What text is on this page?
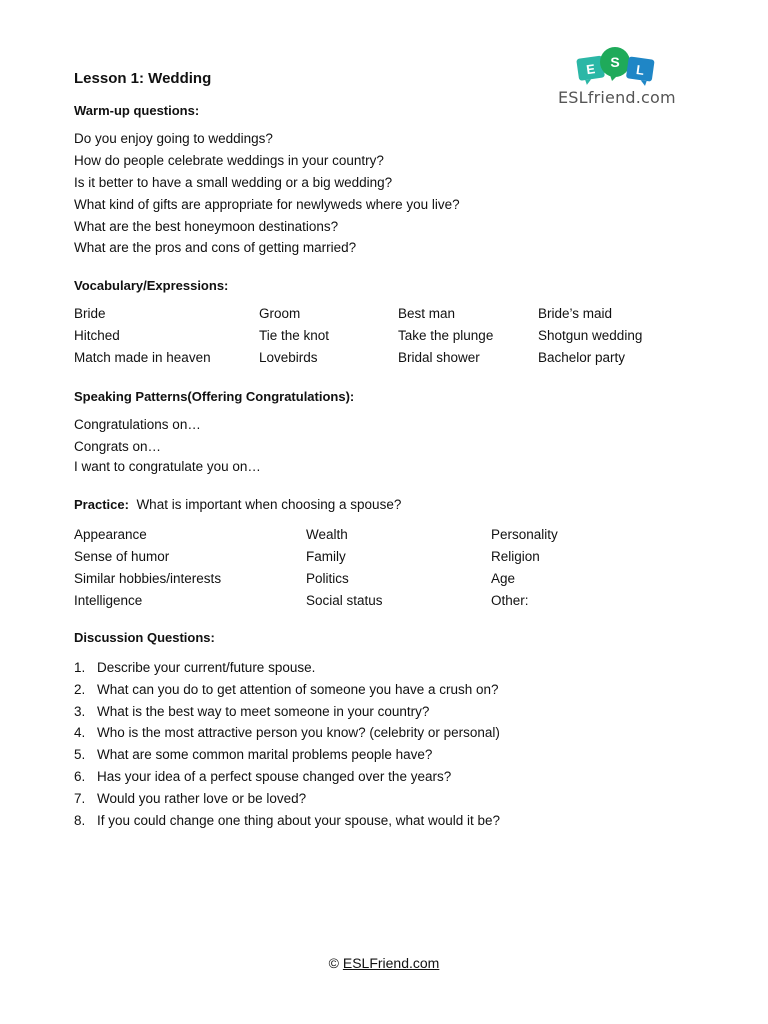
E S
L
ESLfriend.com
Lesson 1: Wedding
Warm-up questions:
Do you enjoy going to weddings?
How do people celebrate weddings in your country?
Is it better to have a small wedding or a big wedding?
What kind of gifts are appropriate for newlyweds where you live?
What are the best honeymoon destinations?
What are the pros and cons of getting married?
Vocabulary/Expressions:
Bride	Groom	Best man	Bride’s maid
Hitched	Tie the knot	Take the plunge	Shotgun wedding
Match made in heaven	Lovebirds	Bridal shower	Bachelor party
Speaking Patterns(Offering Congratulations):
Congratulations on…
Congrats on…
I want to congratulate you on…
Practice: What is important when choosing a spouse?
Appearance	Wealth	Personality
Sense of humor	Family	Religion
Similar hobbies/interests	Politics	Age
Intelligence	Social status	Other:
Discussion Questions:
1. Describe your current/future spouse.
2. What can you do to get attention of someone you have a crush on?
3. What is the best way to meet someone in your country?
4. Who is the most attractive person you know? (celebrity or personal)
5. What are some common marital problems people have?
6. Has your idea of a perfect spouse changed over the years?
7. Would you rather love or be loved?
8. If you could change one thing about your spouse, what would it be?
© ESLFriend.com
